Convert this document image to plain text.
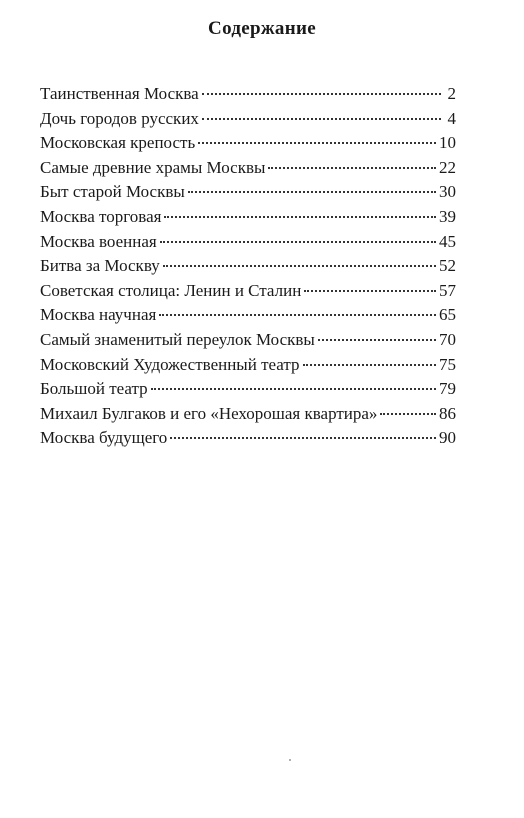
Содержание
Таинственная Москва	2
Дочь городов русских	4
Московская крепость	10
Самые древние храмы Москвы	22
Быт старой Москвы	30
Москва торговая	39
Москва военная	45
Битва за Москву	52
Советская столица: Ленин и Сталин	57
Москва научная	65
Самый знаменитый переулок Москвы	70
Московский Художественный театр	75
Большой театр	79
Михаил Булгаков и его «Нехорошая квартира»	86
Москва будущего	90
